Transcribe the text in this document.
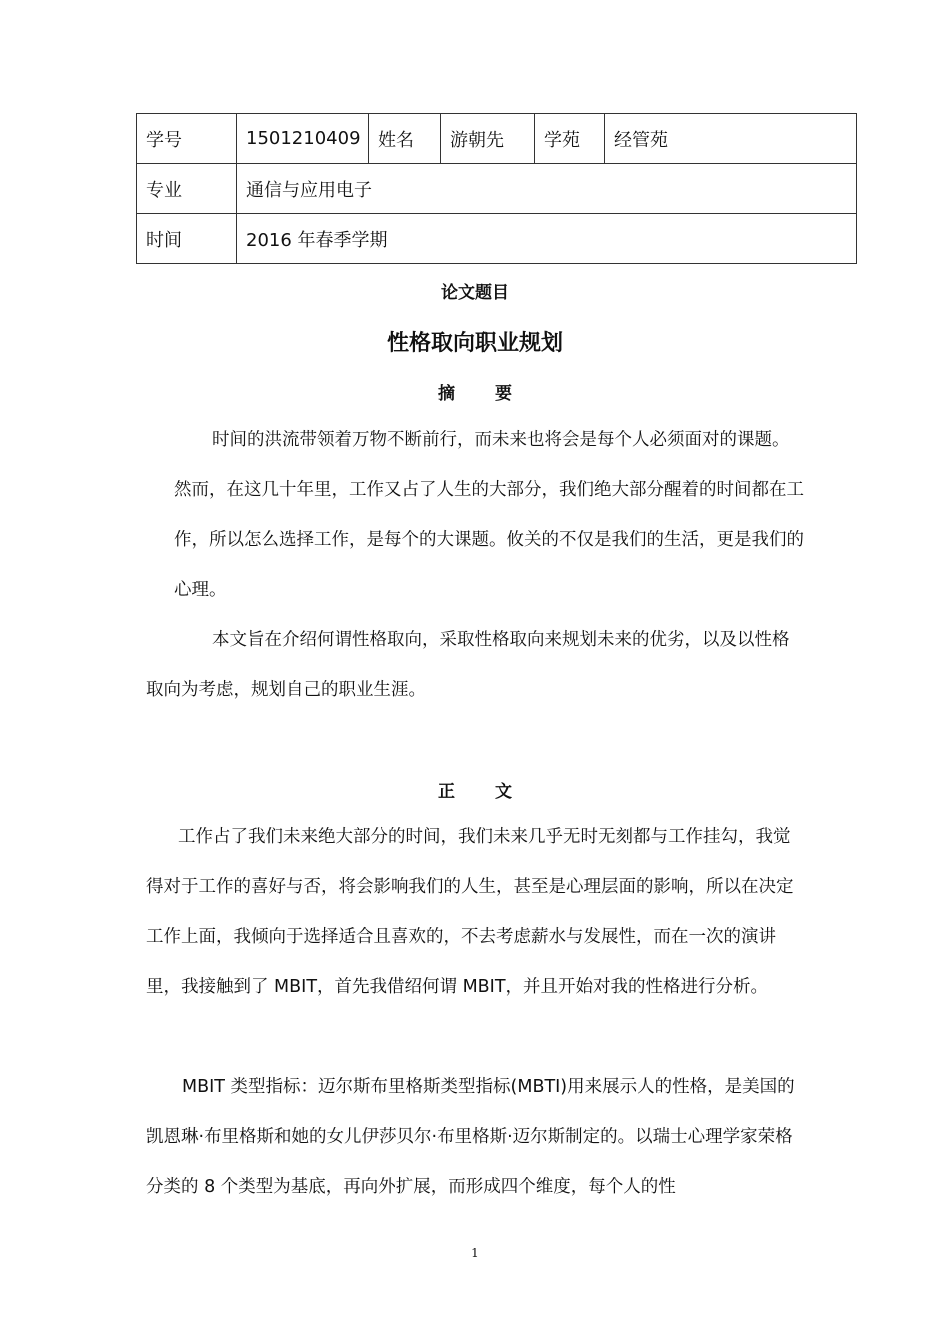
学号	1501210409	姓名	游朝先	学苑	经管苑
专业	通信与应用电子				
时间	2016 年春季学期				
论文题目
性格取向职业规划
摘要

时间的洪流带领着万物不断前行，而未来也将会是每个人必须面对的课题。然而，在这几十年里，工作又占了人生的大部分，我们绝大部分醒着的时间都在工作，所以怎么选择工作，是每个的大课题。攸关的不仅是我们的生活，更是我们的心理。

本文旨在介绍何谓性格取向，采取性格取向来规划未来的优劣，以及以性格取向为考虑，规划自己的职业生涯。

正文

工作占了我们未来绝大部分的时间，我们未来几乎无时无刻都与工作挂勾，我觉得对于工作的喜好与否，将会影响我们的人生，甚至是心理层面的影响，所以在决定工作上面，我倾向于选择适合且喜欢的，不去考虑薪水与发展性，而在一次的演讲里，我接触到了 MBIT，首先我借绍何谓 MBIT，并且开始对我的性格进行分析。

MBIT 类型指标：迈尔斯布里格斯类型指标(MBTI)用来展示人的性格，是美国的凯恩琳·布里格斯和她的女儿伊莎贝尔·布里格斯·迈尔斯制定的。以瑞士心理学家荣格分类的 8 个类型为基底，再向外扩展，而形成四个维度，每个人的性

1
